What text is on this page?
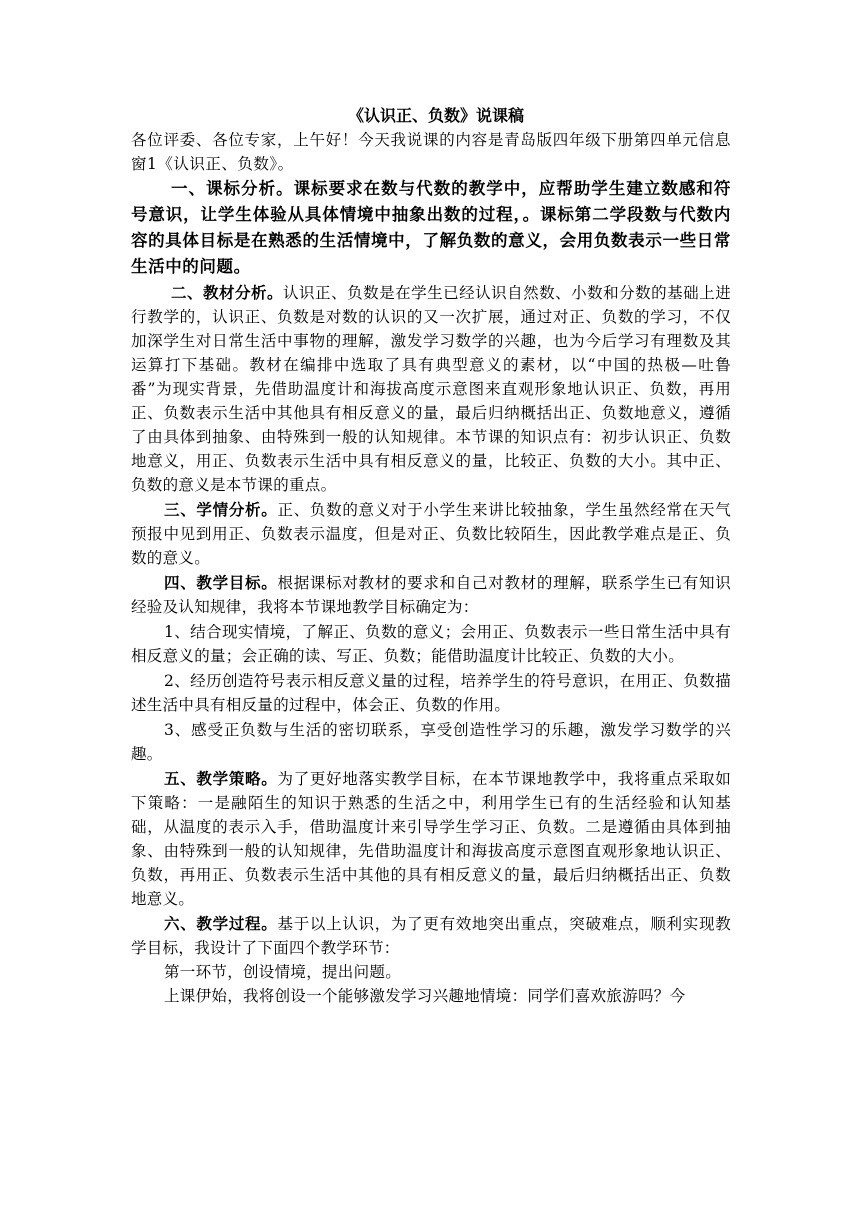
《认识正、负数》说课稿

各位评委、各位专家，上午好！今天我说课的内容是青岛版四年级下册第四单元信息窗1《认识正、负数》。

一、课标分析。课标要求在数与代数的教学中，应帮助学生建立数感和符号意识，让学生体验从具体情境中抽象出数的过程，。课标第二学段数与代数内容的具体目标是在熟悉的生活情境中，了解负数的意义，会用负数表示一些日常生活中的问题。

二、教材分析。认识正、负数是在学生已经认识自然数、小数和分数的基础上进行教学的，认识正、负数是对数的认识的又一次扩展，通过对正、负数的学习，不仅加深学生对日常生活中事物的理解，激发学习数学的兴趣，也为今后学习有理数及其运算打下基础。教材在编排中选取了具有典型意义的素材，以“中国的热极—吐鲁番”为现实背景，先借助温度计和海拔高度示意图来直观形象地认识正、负数，再用正、负数表示生活中其他具有相反意义的量，最后归纳概括出正、负数地意义，遵循了由具体到抽象、由特殊到一般的认知规律。本节课的知识点有：初步认识正、负数地意义，用正、负数表示生活中具有相反意义的量，比较正、负数的大小。其中正、负数的意义是本节课的重点。

三、学情分析。正、负数的意义对于小学生来讲比较抽象，学生虽然经常在天气预报中见到用正、负数表示温度，但是对正、负数比较陌生，因此教学难点是正、负数的意义。

四、教学目标。根据课标对教材的要求和自己对教材的理解，联系学生已有知识经验及认知规律，我将本节课地教学目标确定为：

1、结合现实情境，了解正、负数的意义；会用正、负数表示一些日常生活中具有相反意义的量；会正确的读、写正、负数；能借助温度计比较正、负数的大小。

2、经历创造符号表示相反意义量的过程，培养学生的符号意识，在用正、负数描述生活中具有相反量的过程中，体会正、负数的作用。

3、感受正负数与生活的密切联系，享受创造性学习的乐趣，激发学习数学的兴趣。

五、教学策略。为了更好地落实教学目标，在本节课地教学中，我将重点采取如下策略：一是融陌生的知识于熟悉的生活之中，利用学生已有的生活经验和认知基础，从温度的表示入手，借助温度计来引导学生学习正、负数。二是遵循由具体到抽象、由特殊到一般的认知规律，先借助温度计和海拔高度示意图直观形象地认识正、负数，再用正、负数表示生活中其他的具有相反意义的量，最后归纳概括出正、负数地意义。

六、教学过程。基于以上认识，为了更有效地突出重点，突破难点，顺利实现教学目标，我设计了下面四个教学环节：

第一环节，创设情境，提出问题。

上课伊始，我将创设一个能够激发学习兴趣地情境：同学们喜欢旅游吗？今
